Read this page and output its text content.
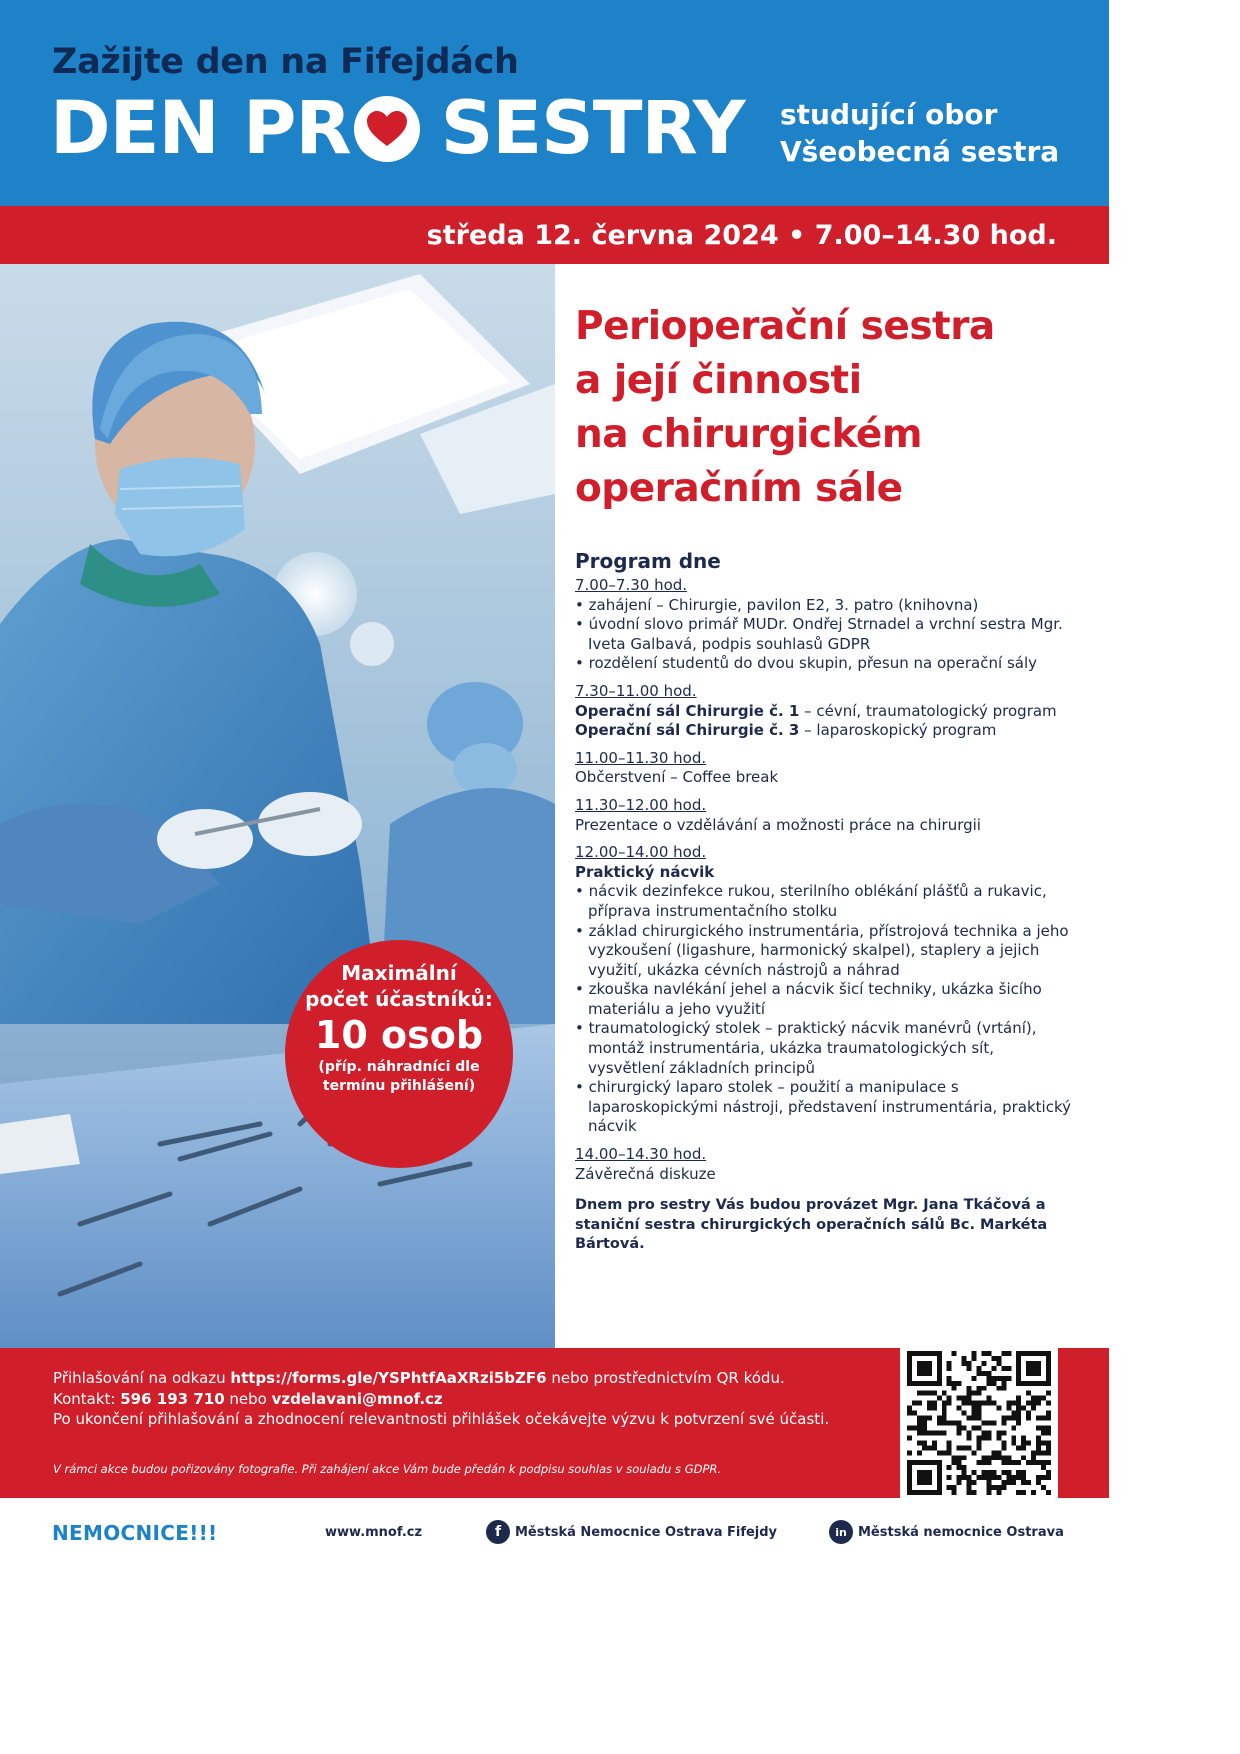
Zažijte den na Fifejdách
DEN PR SESTRY studující obor
Všeobecná sestra
středa 12. června 2024 • 7.00–14.30 hod.
Maximální
počet účastníků:
10 osob
(příp. náhradníci dle
termínu přihlášení)
Perioperační sestra
a její činnosti
na chirurgickém
operačním sále
Program dne
7.00–7.30 hod.
• zahájení – Chirurgie, pavilon E2, 3. patro (knihovna)
• úvodní slovo primář MUDr. Ondřej Strnadel a vrchní sestra Mgr. Iveta Galbavá, podpis souhlasů GDPR
• rozdělení studentů do dvou skupin, přesun na operační sály
7.30–11.00 hod.
Operační sál Chirurgie č. 1 – cévní, traumatologický program
Operační sál Chirurgie č. 3 – laparoskopický program
11.00–11.30 hod.
Občerstvení – Coffee break
11.30–12.00 hod.
Prezentace o vzdělávání a možnosti práce na chirurgii
12.00–14.00 hod.
Praktický nácvik
• nácvik dezinfekce rukou, sterilního oblékání plášťů a rukavic, příprava instrumentačního stolku
• základ chirurgického instrumentária, přístrojová technika a jeho vyzkoušení (ligashure, harmonický skalpel), staplery a jejich využití, ukázka cévních nástrojů a náhrad
• zkouška navlékání jehel a nácvik šicí techniky, ukázka šicího materiálu a jeho využití
• traumatologický stolek – praktický nácvik manévrů (vrtání), montáž instrumentária, ukázka traumatologických sít, vysvětlení základních principů
• chirurgický laparo stolek – použití a manipulace s laparoskopickými nástroji, představení instrumentária, praktický nácvik
14.00–14.30 hod.
Závěrečná diskuze
Dnem pro sestry Vás budou provázet Mgr. Jana Tkáčová a staniční sestra chirurgických operačních sálů Bc. Markéta Bártová.
Přihlašování na odkazu https://forms.gle/YSPhtfAaXRzi5bZF6 nebo prostřednictvím QR kódu.
Kontakt: 596 193 710 nebo vzdelavani@mnof.cz
Po ukončení přihlašování a zhodnocení relevantnosti přihlášek očekávejte výzvu k potvrzení své účasti.
V rámci akce budou pořizovány fotografie. Při zahájení akce Vám bude předán k podpisu souhlas v souladu s GDPR.
NEMOCNICE!!!	www.mnof.cz	f	Městská Nemocnice Ostrava Fifejdy	in Městská nemocnice Ostrava
